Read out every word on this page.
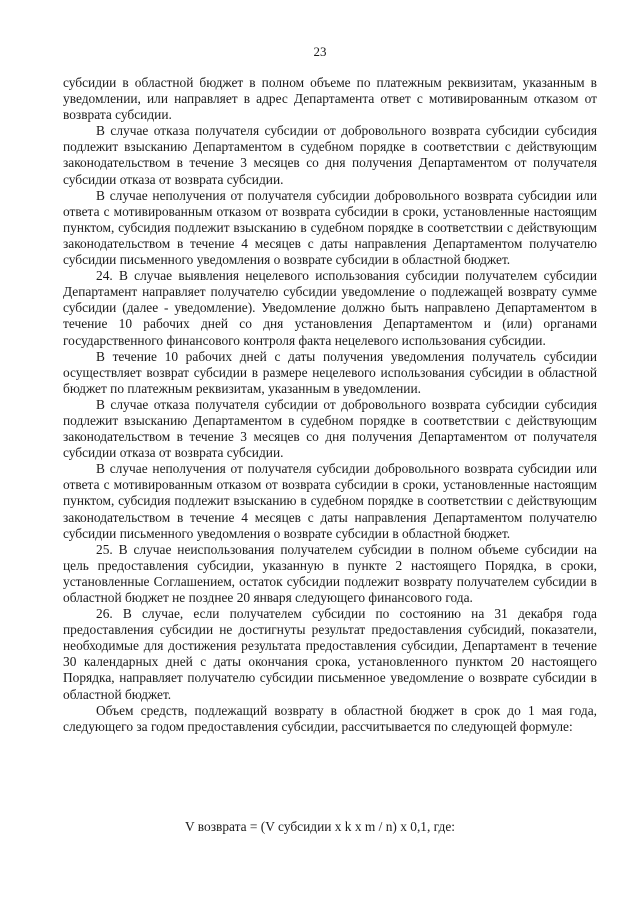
23

субсидии в областной бюджет в полном объеме по платежным реквизитам, указанным в уведомлении, или направляет в адрес Департамента ответ с мотивированным отказом от возврата субсидии.

В случае отказа получателя субсидии от добровольного возврата субсидии субсидия подлежит взысканию Департаментом в судебном порядке в соответствии с действующим законодательством в течение 3 месяцев со дня получения Департаментом от получателя субсидии отказа от возврата субсидии.

В случае неполучения от получателя субсидии добровольного возврата субсидии или ответа с мотивированным отказом от возврата субсидии в сроки, установленные настоящим пунктом, субсидия подлежит взысканию в судебном порядке в соответствии с действующим законодательством в течение 4 месяцев с даты направления Департаментом получателю субсидии письменного уведомления о возврате субсидии в областной бюджет.

24. В случае выявления нецелевого использования субсидии получателем субсидии Департамент направляет получателю субсидии уведомление о подлежащей возврату сумме субсидии (далее - уведомление). Уведомление должно быть направлено Департаментом в течение 10 рабочих дней со дня установления Департаментом и (или) органами государственного финансового контроля факта нецелевого использования субсидии.

В течение 10 рабочих дней с даты получения уведомления получатель субсидии осуществляет возврат субсидии в размере нецелевого использования субсидии в областной бюджет по платежным реквизитам, указанным в уведомлении.

В случае отказа получателя субсидии от добровольного возврата субсидии субсидия подлежит взысканию Департаментом в судебном порядке в соответствии с действующим законодательством в течение 3 месяцев со дня получения Департаментом от получателя субсидии отказа от возврата субсидии.

В случае неполучения от получателя субсидии добровольного возврата субсидии или ответа с мотивированным отказом от возврата субсидии в сроки, установленные настоящим пунктом, субсидия подлежит взысканию в судебном порядке в соответствии с действующим законодательством в течение 4 месяцев с даты направления Департаментом получателю субсидии письменного уведомления о возврате субсидии в областной бюджет.

25. В случае неиспользования получателем субсидии в полном объеме субсидии на цель предоставления субсидии, указанную в пункте 2 настоящего Порядка, в сроки, установленные Соглашением, остаток субсидии подлежит возврату получателем субсидии в областной бюджет не позднее 20 января следующего финансового года.

26. В случае, если получателем субсидии по состоянию на 31 декабря года предоставления субсидии не достигнуты результат предоставления субсидий, показатели, необходимые для достижения результата предоставления субсидии, Департамент в течение 30 календарных дней с даты окончания срока, установленного пунктом 20 настоящего Порядка, направляет получателю субсидии письменное уведомление о возврате субсидии в областной бюджет.

Объем средств, подлежащий возврату в областной бюджет в срок до 1 мая года, следующего за годом предоставления субсидии, рассчитывается по следующей формуле:

V возврата = (V субсидии x k x m / n) x 0,1, где:
